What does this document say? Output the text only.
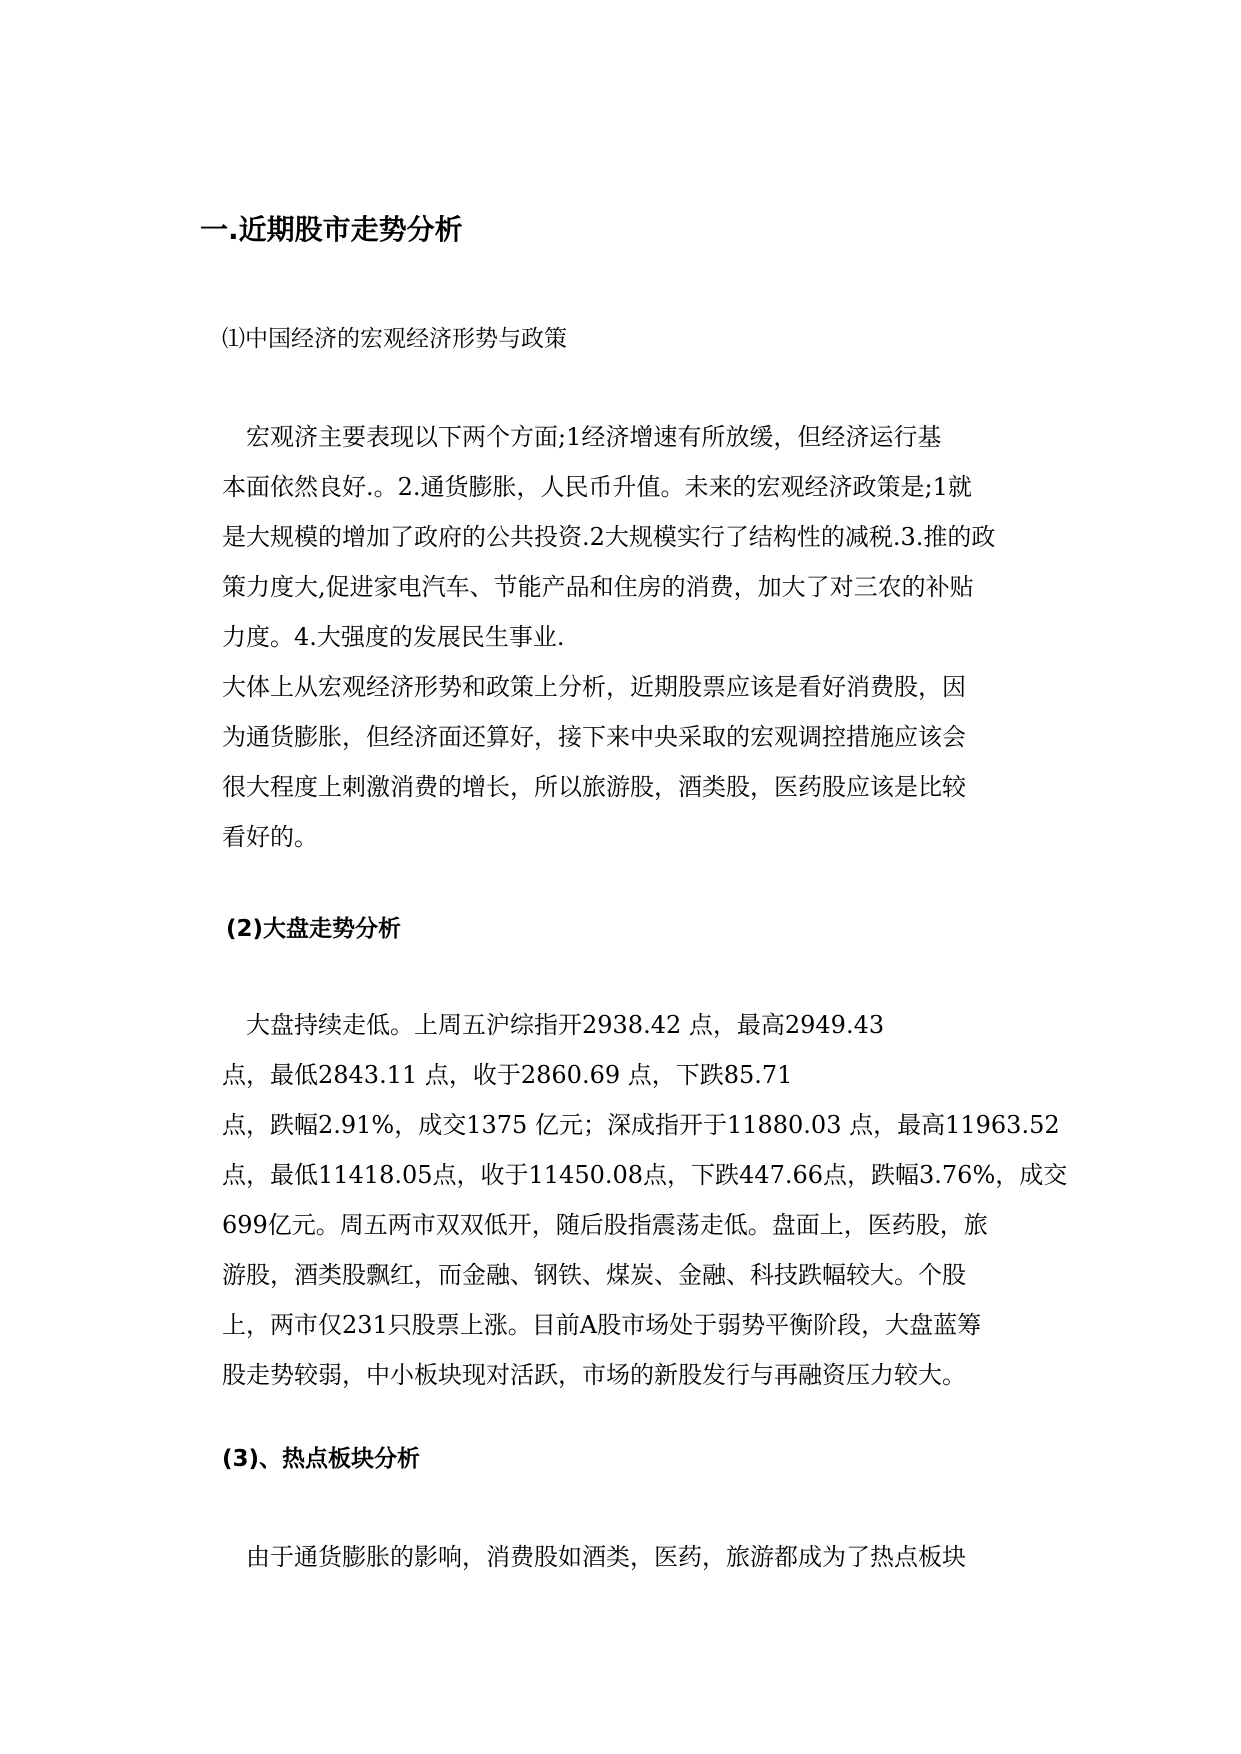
一.近期股市走势分析
⑴中国经济的宏观经济形势与政策
　宏观济主要表现以下两个方面;1经济增速有所放缓，但经济运行基
本面依然良好.。2.通货膨胀，人民币升值。未来的宏观经济政策是;1就
是大规模的增加了政府的公共投资.2大规模实行了结构性的减税.3.推的政
策力度大,促进家电汽车、节能产品和住房的消费，加大了对三农的补贴
力度。4.大强度的发展民生事业.
大体上从宏观经济形势和政策上分析，近期股票应该是看好消费股，因
为通货膨胀，但经济面还算好，接下来中央采取的宏观调控措施应该会
很大程度上刺激消费的增长，所以旅游股，酒类股，医药股应该是比较
看好的。
(2)大盘走势分析
　大盘持续走低。上周五沪综指开2938.42 点，最高2949.43
点，最低2843.11 点，收于2860.69 点，下跌85.71
点，跌幅2.91%，成交1375 亿元；深成指开于11880.03 点，最高11963.52
点，最低11418.05点，收于11450.08点，下跌447.66点，跌幅3.76%，成交
699亿元。周五两市双双低开，随后股指震荡走低。盘面上，医药股，旅
游股，酒类股飘红，而金融、钢铁、煤炭、金融、科技跌幅较大。个股
上，两市仅231只股票上涨。目前A股市场处于弱势平衡阶段，大盘蓝筹
股走势较弱，中小板块现对活跃，市场的新股发行与再融资压力较大。
(3)、热点板块分析
　由于通货膨胀的影响，消费股如酒类，医药，旅游都成为了热点板块
